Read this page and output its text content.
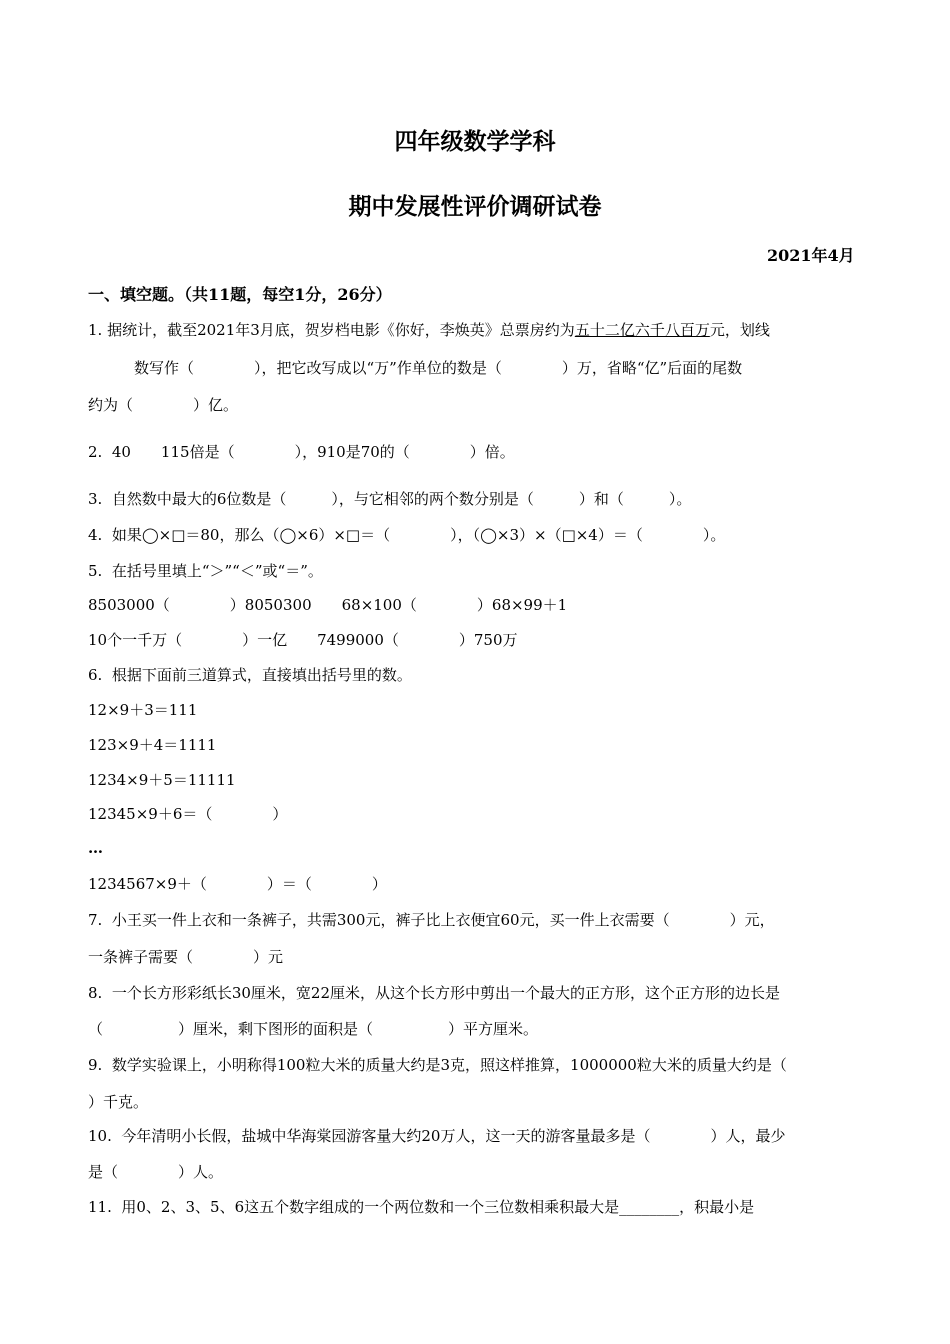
四年级数学学科
期中发展性评价调研试卷
2021年4月
一、填空题。（共11题，每空1分，26分）
1. 据统计，截至2021年3月底，贺岁档电影《你好，李焕英》总票房约为五十二亿六千八百万元，划线
数写作（　　　　），把它改写成以“万”作单位的数是（　　　　）万，省略“亿”后面的尾数
约为（　　　　）亿。
2.  40　　115倍是（　　　　），910是70的（　　　　）倍。
3.  自然数中最大的6位数是（　　　），与它相邻的两个数分别是（　　　）和（　　　）。
4.  如果◯×□＝80，那么（◯×6）×□＝（　　　　），（◯×3）×（□×4）＝（　　　　）。
5.  在括号里填上“＞”“＜”或“＝”。
8503000（　　　　）8050300　　68×100（　　　　）68×99＋1
10个一千万（　　　　）一亿　　7499000（　　　　）750万
6.  根据下面前三道算式，直接填出括号里的数。
12×9＋3＝111
123×9＋4＝1111
1234×9＋5＝11111
12345×9＋6＝（　　　　）
…
1234567×9＋（　　　　）＝（　　　　）
7.  小王买一件上衣和一条裤子，共需300元，裤子比上衣便宜60元，买一件上衣需要（　　　　）元，
一条裤子需要（　　　　）元
8.  一个长方形彩纸长30厘米，宽22厘米，从这个长方形中剪出一个最大的正方形，这个正方形的边长是
（　　　　　）厘米，剩下图形的面积是（　　　　　）平方厘米。
9.  数学实验课上，小明称得100粒大米的质量大约是3克，照这样推算，1000000粒大米的质量大约是（
）千克。
10.  今年清明小长假，盐城中华海棠园游客量大约20万人，这一天的游客量最多是（　　　　）人，最少
是（　　　　）人。
11.  用0、2、3、5、6这五个数字组成的一个两位数和一个三位数相乘积最大是________，积最小是
